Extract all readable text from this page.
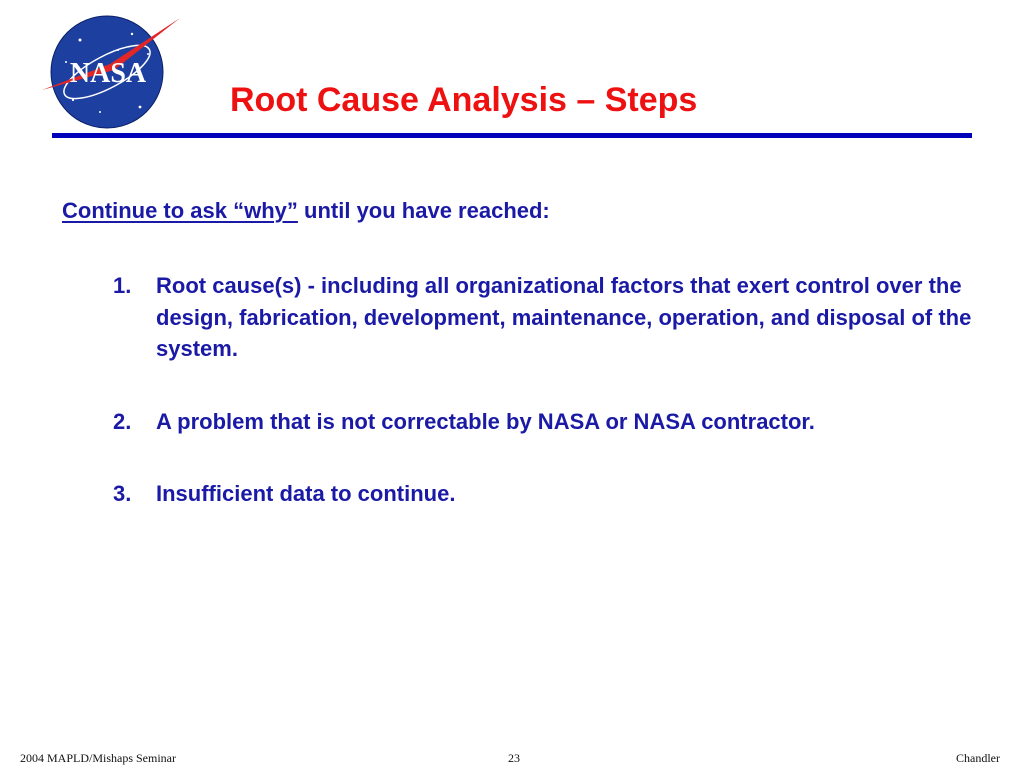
NASA
Root Cause Analysis – Steps
Continue to ask “why” until you have reached:
1. Root cause(s) - including all organizational factors that exert control over the design, fabrication, development, maintenance, operation, and disposal of the system.
2. A problem that is not correctable by NASA or NASA contractor.
3. Insufficient data to continue.
2004 MAPLD/Mishaps Seminar	23	Chandler
